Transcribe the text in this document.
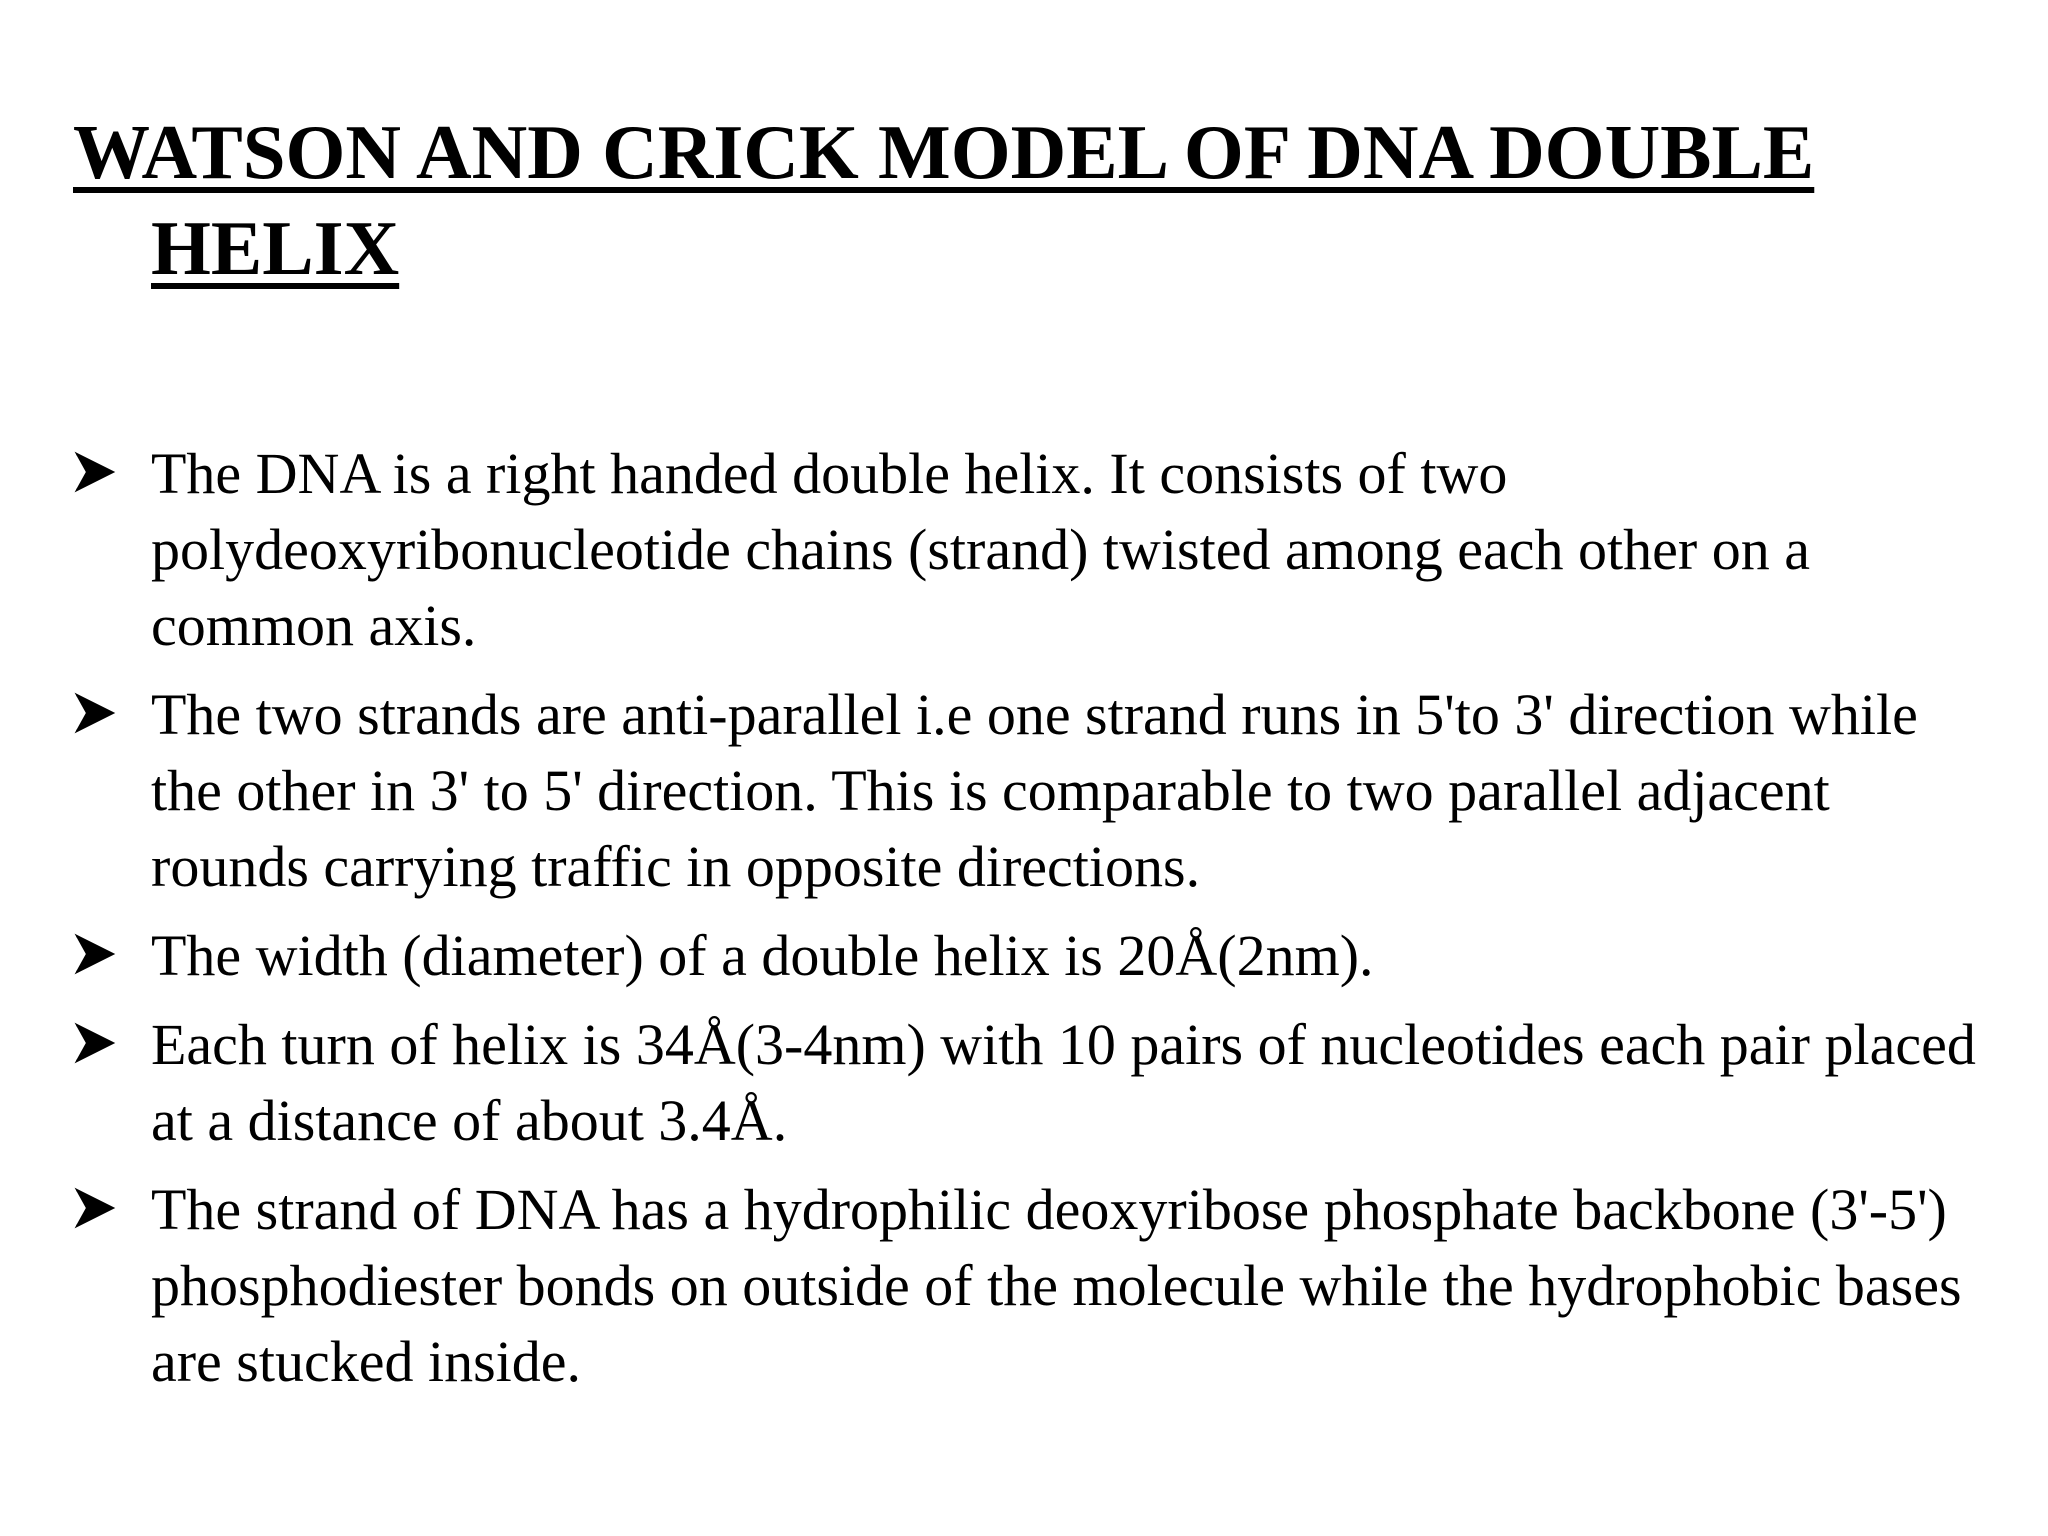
WATSON AND CRICK MODEL OF DNA DOUBLE HELIX
The DNA is a right handed double helix. It consists of two polydeoxyribonucleotide chains (strand) twisted among each other on a common axis.
The two strands are anti-parallel i.e one strand runs in 5'to 3' direction while the other in 3' to 5' direction. This is comparable to two parallel adjacent rounds carrying traffic in opposite directions.
The width (diameter) of a double helix is 20Å(2nm).
Each turn of helix is 34Å(3-4nm) with 10 pairs of nucleotides each pair placed at a distance of about 3.4Å.
The strand of DNA has a hydrophilic deoxyribose phosphate backbone (3'-5') phosphodiester bonds on outside of the molecule while the hydrophobic bases are stucked inside.
